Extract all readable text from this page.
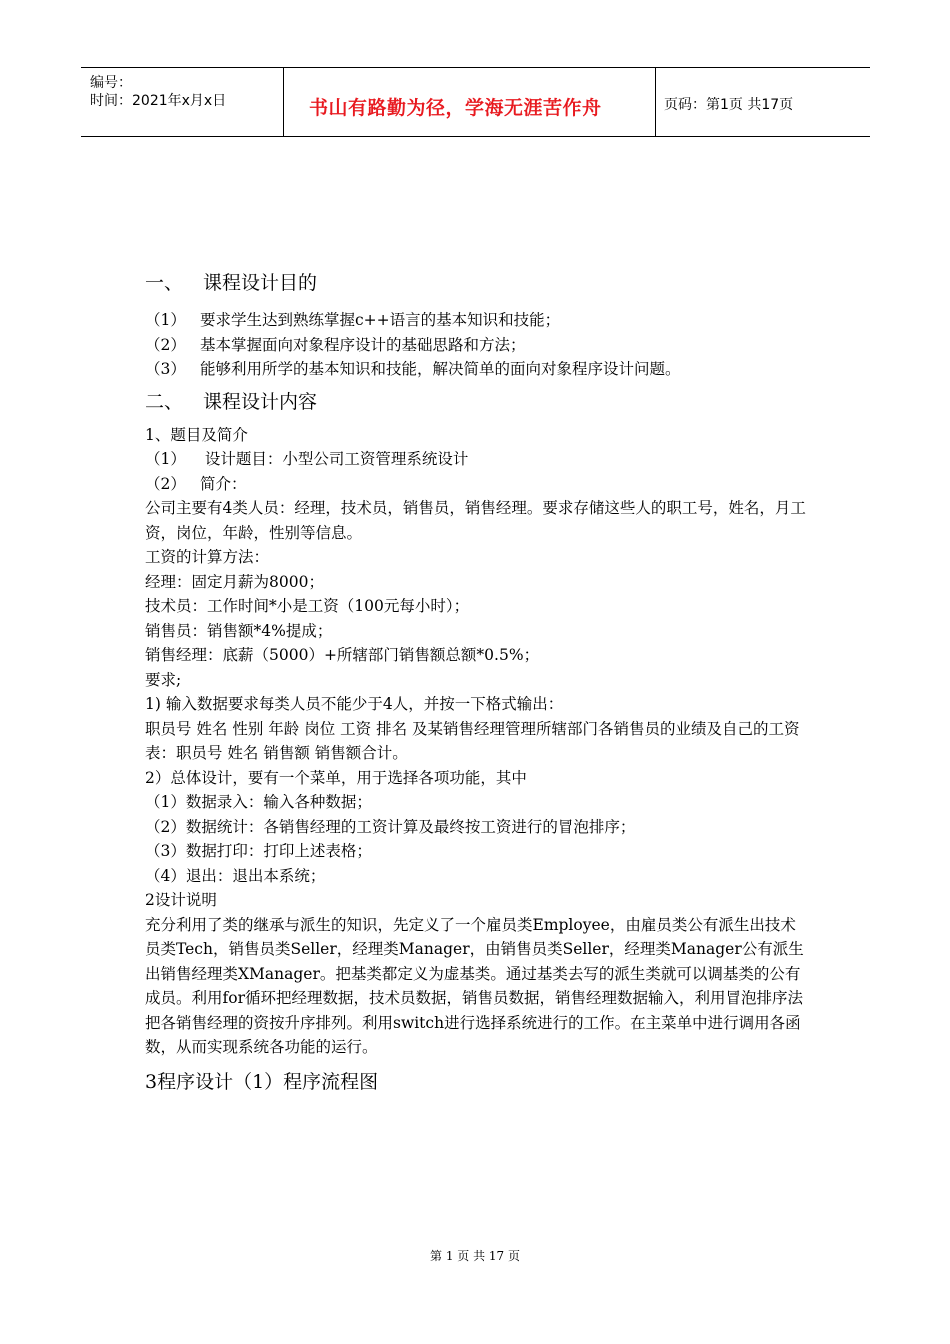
编号：
时间：2021年x月x日	书山有路勤为径，学海无涯苦作舟	页码：第1页 共17页

一、 课程设计目的

（1） 要求学生达到熟练掌握c++语言的基本知识和技能；

（2） 基本掌握面向对象程序设计的基础思路和方法；

（3） 能够利用所学的基本知识和技能，解决简单的面向对象程序设计问题。

二、 课程设计内容

1、题目及简介

（1） 设计题目：小型公司工资管理系统设计

（2） 简介：

公司主要有4类人员：经理，技术员，销售员，销售经理。要求存储这些人的职工号，姓名，月工资，岗位，年龄，性别等信息。

工资的计算方法：

经理：固定月薪为8000；

技术员：工作时间*小是工资（100元每小时）；

销售员：销售额*4%提成；

销售经理：底薪（5000）+所辖部门销售额总额*0.5%；

要求;

1) 输入数据要求每类人员不能少于4人，并按一下格式输出：

职员号 姓名 性别 年龄 岗位 工资 排名 及某销售经理管理所辖部门各销售员的业绩及自己的工资表：职员号 姓名 销售额 销售额合计。

2）总体设计，要有一个菜单，用于选择各项功能，其中

（1）数据录入：输入各种数据；

（2）数据统计：各销售经理的工资计算及最终按工资进行的冒泡排序；

（3）数据打印：打印上述表格；

（4）退出：退出本系统；

2设计说明

充分利用了类的继承与派生的知识，先定义了一个雇员类Employee，由雇员类公有派生出技术员类Tech，销售员类Seller，经理类Manager，由销售员类Seller，经理类Manager公有派生出销售经理类XManager。把基类都定义为虚基类。通过基类去写的派生类就可以调基类的公有成员。利用for循环把经理数据，技术员数据，销售员数据，销售经理数据输入，利用冒泡排序法把各销售经理的资按升序排列。利用switch进行选择系统进行的工作。在主菜单中进行调用各函数，从而实现系统各功能的运行。

3程序设计（1）程序流程图

第 1 页 共 17 页
